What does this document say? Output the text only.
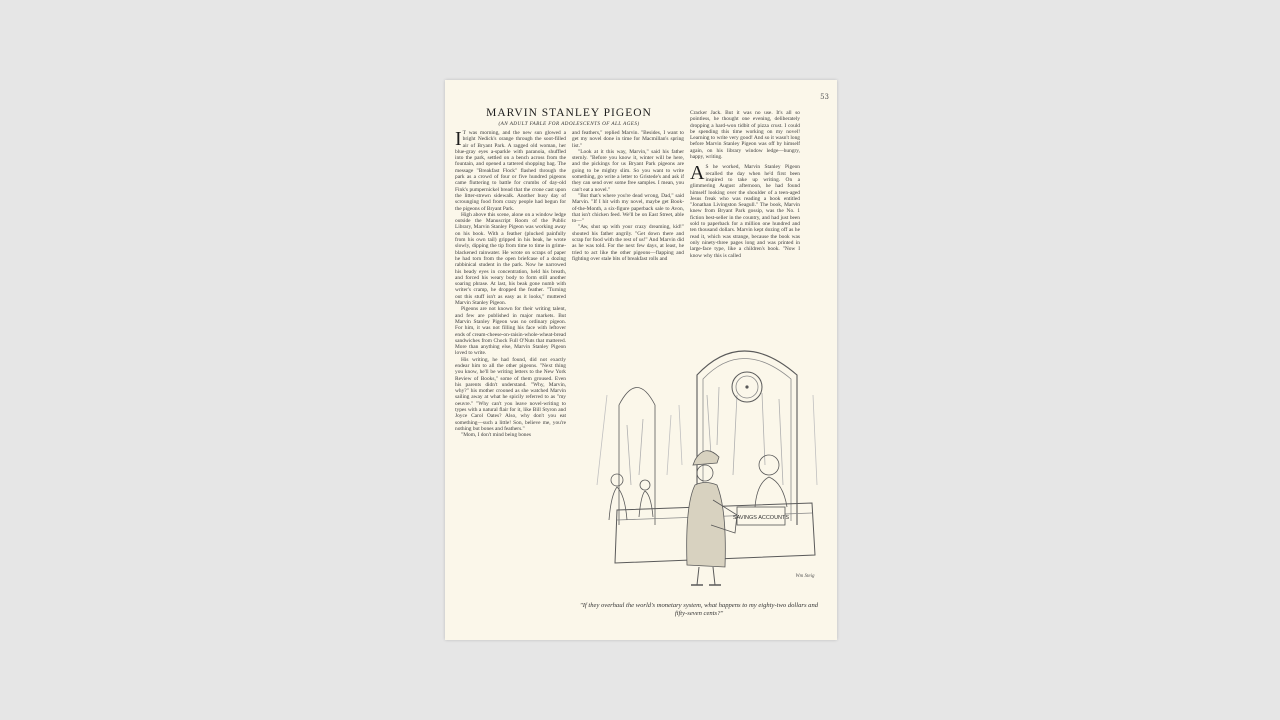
53
MARVIN STANLEY PIGEON
(AN ADULT FABLE FOR ADOLESCENTS OF ALL AGES)

I T was morning, and the new sun glowed a bright Nedick's orange through the soot-filled air of Bryant Park. A ragged old woman, her blue-gray eyes a-sparkle with paranoia, shuffled into the park, settled on a bench across from the fountain, and opened a tattered shopping bag. The message "Breakfast Flock" flashed through the park as a crowd of four or five hundred pigeons came fluttering to battle for crumbs of day-old Fink's pumpernickel bread that the crone cast upon the litter-strewn sidewalk. Another busy day of scrounging food from crazy people had begun for the pigeons of Bryant Park.

High above this scene, alone on a window ledge outside the Manuscript Room of the Public Library, Marvin Stanley Pigeon was working away on his book. With a feather (plucked painfully from his own tail) gripped in his beak, he wrote slowly, dipping the tip from time to time in grime-blackened rainwater. He wrote on scraps of paper he had torn from the open briefcase of a dozing rabbinical student in the park. Now he narrowed his beady eyes in concentration, held his breath, and forced his weary body to form still another soaring phrase. At last, his beak gone numb with writer's cramp, he dropped the feather. "Turning out this stuff isn't as easy as it looks," muttered Marvin Stanley Pigeon.

Pigeons are not known for their writing talent, and few are published in major markets. But Marvin Stanley Pigeon was no ordinary pigeon. For him, it was not filling his face with leftover ends of cream-cheese-on-raisin-whole-wheat-bread sandwiches from Chock Full O'Nuts that mattered. More than anything else, Marvin Stanley Pigeon loved to write.

His writing, he had found, did not exactly endear him to all the other pigeons. "Next thing you know, he'll be writing letters to the New York Review of Books," some of them groused. Even his parents didn't understand. "Why, Marvin, why?" his mother crooned as she watched Marvin sailing away at what he spicily referred to as "my oeuvre." "Why can't you leave novel-writing to types with a natural flair for it, like Bill Styron and Joyce Carol Oates? Also, why don't you eat something—such a little! Son, believe me, you're nothing but bones and feathers."

"Mom, I don't mind being bones

and feathers," replied Marvin. "Besides, I want to get my novel done in time for Macmillan's spring list."

"Look at it this way, Marvin," said his father sternly. "Before you know it, winter will be here, and the pickings for us Bryant Park pigeons are going to be mighty slim. So you want to write something, go write a letter to Gristede's and ask if they can send over some free samples. I mean, you can't eat a novel."

"But that's where you're dead wrong, Dad," said Marvin. "If I hit with my novel, maybe get Book-of-the-Month, a six-figure paperback sale to Avon, that isn't chicken feed. We'll be on East Street, able to—"

"Aw, shut up with your crazy dreaming, kid!" shouted his father angrily. "Get down there and scrap for food with the rest of us!" And Marvin did as he was told. For the next few days, at least, he tried to act like the other pigeons—flapping and fighting over stale bits of breakfast rolls and

Cracker Jack. But it was no use. It's all so pointless, he thought one evening, deliberately dropping a hard-won tidbit of pizza crust. I could be spending this time working on my novel! Learning to write very good! And so it wasn't long before Marvin Stanley Pigeon was off by himself again, on his library window ledge—hungry, happy, writing.

A S he worked, Marvin Stanley Pigeon recalled the day when he'd first been inspired to take up writing. On a glimmering August afternoon, he had found himself looking over the shoulder of a teen-aged Jesus freak who was reading a book entitled "Jonathan Livingston Seagull." The book, Marvin knew from Bryant Park gossip, was the No. 1 fiction best-seller in the country, and had just been sold to paperback for a million one hundred and ten thousand dollars. Marvin kept dozing off as he read it, which was strange, because the book was only ninety-three pages long and was printed in large-face type, like a children's book. "Now I know why this is called

SAVINGS ACCOUNTS
Wm Steig
"If they overhaul the world's monetary system, what happens to my eighty-two dollars and fifty-seven cents?"
